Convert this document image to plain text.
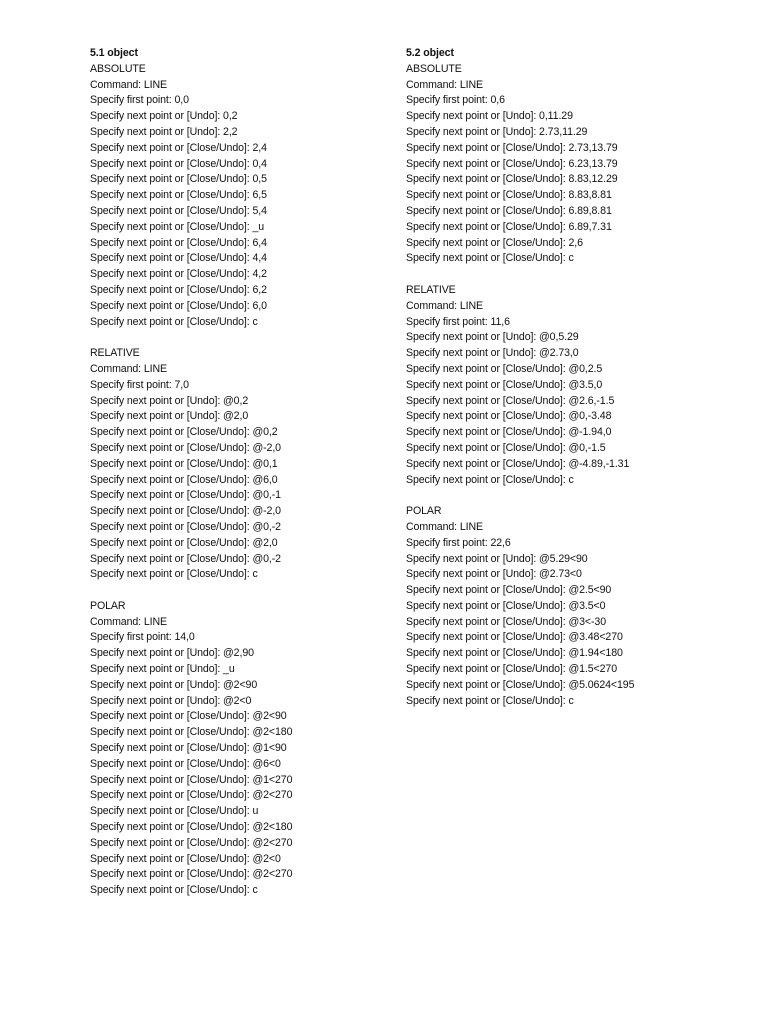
5.1 object
ABSOLUTE
Command: LINE
Specify first point: 0,0
Specify next point or [Undo]: 0,2
Specify next point or [Undo]: 2,2
Specify next point or [Close/Undo]: 2,4
Specify next point or [Close/Undo]: 0,4
Specify next point or [Close/Undo]: 0,5
Specify next point or [Close/Undo]: 6,5
Specify next point or [Close/Undo]: 5,4
Specify next point or [Close/Undo]: _u
Specify next point or [Close/Undo]: 6,4
Specify next point or [Close/Undo]: 4,4
Specify next point or [Close/Undo]: 4,2
Specify next point or [Close/Undo]: 6,2
Specify next point or [Close/Undo]: 6,0
Specify next point or [Close/Undo]: c
RELATIVE
Command: LINE
Specify first point: 7,0
Specify next point or [Undo]: @0,2
Specify next point or [Undo]: @2,0
Specify next point or [Close/Undo]: @0,2
Specify next point or [Close/Undo]: @-2,0
Specify next point or [Close/Undo]: @0,1
Specify next point or [Close/Undo]: @6,0
Specify next point or [Close/Undo]: @0,-1
Specify next point or [Close/Undo]: @-2,0
Specify next point or [Close/Undo]: @0,-2
Specify next point or [Close/Undo]: @2,0
Specify next point or [Close/Undo]: @0,-2
Specify next point or [Close/Undo]: c
POLAR
Command: LINE
Specify first point: 14,0
Specify next point or [Undo]: @2,90
Specify next point or [Undo]: _u
Specify next point or [Undo]: @2<90
Specify next point or [Undo]: @2<0
Specify next point or [Close/Undo]: @2<90
Specify next point or [Close/Undo]: @2<180
Specify next point or [Close/Undo]: @1<90
Specify next point or [Close/Undo]: @6<0
Specify next point or [Close/Undo]: @1<270
Specify next point or [Close/Undo]: @2<270
Specify next point or [Close/Undo]: u
Specify next point or [Close/Undo]: @2<180
Specify next point or [Close/Undo]: @2<270
Specify next point or [Close/Undo]: @2<0
Specify next point or [Close/Undo]: @2<270
Specify next point or [Close/Undo]: c
5.2 object
ABSOLUTE
Command: LINE
Specify first point: 0,6
Specify next point or [Undo]: 0,11.29
Specify next point or [Undo]: 2.73,11.29
Specify next point or [Close/Undo]: 2.73,13.79
Specify next point or [Close/Undo]: 6.23,13.79
Specify next point or [Close/Undo]: 8.83,12.29
Specify next point or [Close/Undo]: 8.83,8.81
Specify next point or [Close/Undo]: 6.89,8.81
Specify next point or [Close/Undo]: 6.89,7.31
Specify next point or [Close/Undo]: 2,6
Specify next point or [Close/Undo]: c
RELATIVE
Command: LINE
Specify first point: 11,6
Specify next point or [Undo]: @0,5.29
Specify next point or [Undo]: @2.73,0
Specify next point or [Close/Undo]: @0,2.5
Specify next point or [Close/Undo]: @3.5,0
Specify next point or [Close/Undo]: @2.6,-1.5
Specify next point or [Close/Undo]: @0,-3.48
Specify next point or [Close/Undo]: @-1.94,0
Specify next point or [Close/Undo]: @0,-1.5
Specify next point or [Close/Undo]: @-4.89,-1.31
Specify next point or [Close/Undo]: c
POLAR
Command: LINE
Specify first point: 22,6
Specify next point or [Undo]: @5.29<90
Specify next point or [Undo]: @2.73<0
Specify next point or [Close/Undo]: @2.5<90
Specify next point or [Close/Undo]: @3.5<0
Specify next point or [Close/Undo]: @3<-30
Specify next point or [Close/Undo]: @3.48<270
Specify next point or [Close/Undo]: @1.94<180
Specify next point or [Close/Undo]: @1.5<270
Specify next point or [Close/Undo]: @5.0624<195
Specify next point or [Close/Undo]: c
